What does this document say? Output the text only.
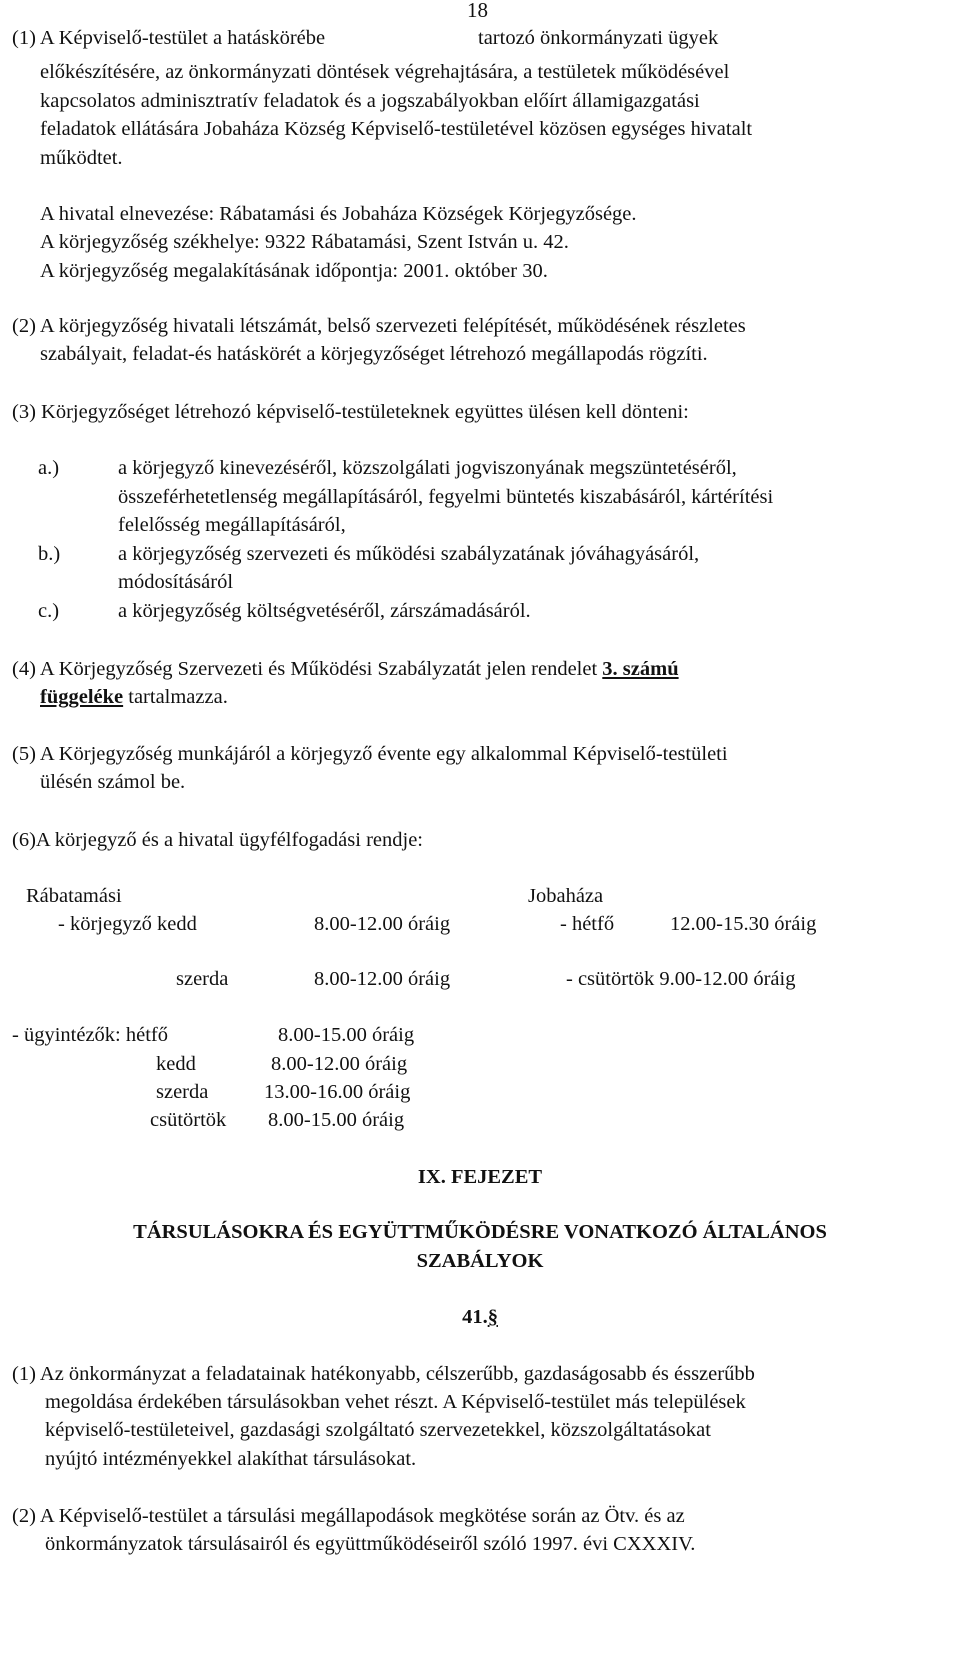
18
(1) A Képviselő-testület a hatáskörébe	tartozó önkormányzati ügyek
előkészítésére, az önkormányzati döntések végrehajtására, a testületek működésével
kapcsolatos adminisztratív feladatok és a jogszabályokban előírt államigazgatási
feladatok ellátására Jobaháza Község Képviselő-testületével közösen egységes hivatalt
működtet.
A hivatal elnevezése: Rábatamási és Jobaháza Községek Körjegyzősége.
A körjegyzőség székhelye: 9322 Rábatamási, Szent István u. 42.
A körjegyzőség megalakításának időpontja: 2001. október 30.
(2) A körjegyzőség hivatali létszámát, belső szervezeti felépítését, működésének részletes
szabályait, feladat-és hatáskörét a körjegyzőséget létrehozó megállapodás rögzíti.
(3) Körjegyzőséget létrehozó képviselő-testületeknek együttes ülésen kell dönteni:
a.)	a körjegyző kinevezéséről, közszolgálati jogviszonyának megszüntetéséről,
összeférhetetlenség megállapításáról, fegyelmi büntetés kiszabásáról, kártérítési
felelősség megállapításáról,
b.)	a körjegyzőség szervezeti és működési szabályzatának jóváhagyásáról,
módosításáról
c.)	a körjegyzőség költségvetéséről, zárszámadásáról.
(4) A Körjegyzőség Szervezeti és Működési Szabályzatát jelen rendelet 3. számú
függeléke tartalmazza.
(5) A Körjegyzőség munkájáról a körjegyző évente egy alkalommal Képviselő-testületi
ülésén számol be.
(6)A körjegyző és a hivatal ügyfélfogadási rendje:
Rábatamási	Jobaháza
- körjegyző kedd	8.00-12.00 óráig	- hétfő	12.00-15.30 óráig
szerda	8.00-12.00 óráig	- csütörtök 9.00-12.00 óráig
- ügyintézők: hétfő	8.00-15.00 óráig
kedd	8.00-12.00 óráig
szerda	13.00-16.00 óráig
csütörtök 8.00-15.00 óráig
IX. FEJEZET
TÁRSULÁSOKRA ÉS EGYÜTTMŰKÖDÉSRE VONATKOZÓ ÁLTALÁNOS
SZABÁLYOK
41.§
(1) Az önkormányzat a feladatainak hatékonyabb, célszerűbb, gazdaságosabb és ésszerűbb
megoldása érdekében társulásokban vehet részt. A Képviselő-testület más települések
képviselő-testületeivel, gazdasági szolgáltató szervezetekkel, közszolgáltatásokat
nyújtó intézményekkel alakíthat társulásokat.
(2) A Képviselő-testület a társulási megállapodások megkötése során az Ötv. és az
önkormányzatok társulásairól és együttműködéseiről szóló 1997. évi CXXXIV.
